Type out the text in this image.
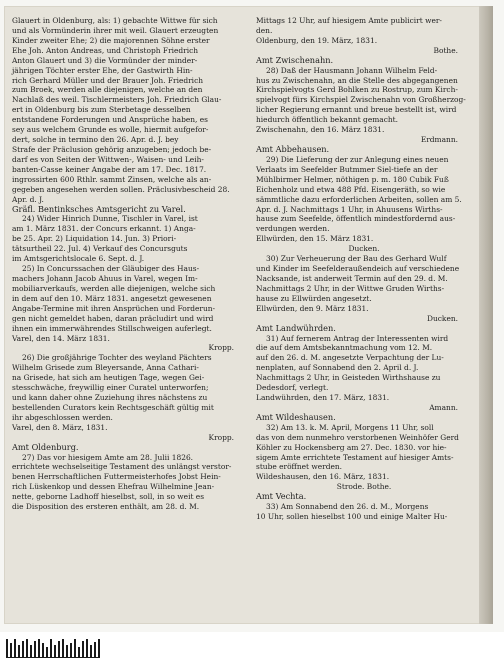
Glauert in Oldenburg, als: 1) gebachte Wittwe für sich

und als Vormünderin ihrer mit weil. Glauert erzeugten

Kinder zweiter Ehe; 2) die majorennen Söhne erster

Ehe Joh. Anton Andreas, und Christoph Friedrich

Anton Glauert und 3) die Vormünder der minder-

jährigen Töchter erster Ehe, der Gastwirth Hin-

rich Gerhard Müller und der Brauer Joh. Friedrich

zum Broek, werden alle diejenigen, welche an den

Nachlaß des weil. Tischlermeisters Joh. Friedrich Glau-

ert in Oldenburg bis zum Sterbetage desselben

entstandene Forderungen und Ansprüche haben, es

sey aus welchem Grunde es wolle, hiermit aufgefor-

dert, solche in termino den 26. Apr. d. J. bey

Strafe der Präclusion gehörig anzugeben; jedoch be-

darf es von Seiten der Wittwen-, Waisen- und Leih-

banten-Casse keiner Angabe der am 17. Dec. 1817.

ingrossirten 600 Rthlr. sammt Zinsen, welche als an-

gegeben angesehen werden sollen. Präclusivbescheid 28.

Apr. d. J.

Gräfl. Bentinksches Amtsgericht zu Varel.

24) Wider Hinrich Dunne, Tischler in Varel, ist

am 1. März 1831. der Concurs erkannt. 1) Anga-

be 25. Apr. 2) Liquidation 14. Jun. 3) Priori-

tätsurtheil 22. Jul. 4) Verkauf des Concursguts

im Amtsgerichtslocale 6. Sept. d. J.

25) In Concurssachen der Gläubiger des Haus-

machers Johann Jacob Ahuus in Varel, wegen Im-

mobiliarverkaufs, werden alle diejenigen, welche sich

in dem auf den 10. März 1831. angesetzt gewesenen

Angabe-Termine mit ihren Ansprüchen und Forderun-

gen nicht gemeldet haben, daran präcludirt und wird

ihnen ein immerwährendes Stillschweigen auferlegt.

Varel, den 14. März 1831.

Kropp.

26) Die großjährige Tochter des weyland Pächters

Wilhelm Grisede zum Bleyersande, Anna Cathari-

na Grisede, hat sich am heutigen Tage, wegen Gei-

stesschwäche, freywillig einer Curatel unterworfen;

und kann daher ohne Zuziehung ihres nächstens zu

bestellenden Curators kein Rechtsgeschäft gültig mit

ihr abgeschlossen werden.

Varel, den 8. März, 1831.

Kropp.

Amt Oldenburg.

27) Das vor hiesigem Amte am 28. Julii 1826.

errichtete wechselseitige Testament des unlängst verstor-

benen Herrschaftlichen Futtermeisterhofes Jobst Hein-

rich Lüskenkop und dessen Ehefrau Wilhelmine Jean-

nette, geborne Ladhoff hieselbst, soll, in so weit es

die Disposition des ersteren enthält, am 28. d. M.

Mittags 12 Uhr, auf hiesigem Amte publicirt wer-

den.

Oldenburg, den 19. März, 1831.

Bothe.

Amt Zwischenahn.

28) Daß der Hausmann Johann Wilhelm Feld-

hus zu Zwischenahn, an die Stelle des abgegangenen

Kirchspielvogts Gerd Bohlken zu Rostrup, zum Kirch-

spielvogt fürs Kirchspiel Zwischenahn von Großherzog-

licher Regierung ernannt und breue bestellt ist, wird

hiedurch öffentlich bekannt gemacht.

Zwischenahn, den 16. März 1831.

Erdmann.

Amt Abbehausen.

29) Die Lieferung der zur Anlegung eines neuen

Verlaats im Seefelder Butmmer Siel-tiefe an der

Mühlbirmer Helmer, nöthigen p. m. 180 Cubik Fuß

Eichenholz und etwa 488 Pfd. Eisengeräth, so wie

sämmtliche dazu erforderlichen Arbeiten, sollen am 5.

Apr. d. J. Nachmittags 1 Uhr, in Ahuusens Wirths-

hause zum Seefelde, öffentlich mindestfordernd aus-

verdungen werden.

Ellwürden, den 15. März 1831.

Ducken.

30) Zur Verheuerung der Bau des Gerhard Wulf

und Kinder im Seefelderaußendeich auf verschiedene

Nacksande, ist anderweit Termin auf den 29. d. M.

Nachmittags 2 Uhr, in der Wittwe Gruden Wirths-

hause zu Ellwürden angesetzt.

Ellwürden, den 9. März 1831.

Ducken.

Amt Landwührden.

31) Auf fernerem Antrag der Interessenten wird

die auf dem Amtsbekanntmachung vom 12. M.

auf den 26. d. M. angesetzte Verpachtung der Lu-

nenplaten, auf Sonnabend den 2. April d. J.

Nachmittags 2 Uhr, in Geisteden Wirthshause zu

Dedesdorf, verlegt.

Landwührden, den 17. März, 1831.

Amann.

Amt Wildeshausen.

32) Am 13. k. M. April, Morgens 11 Uhr, soll

das von dem nunmehro verstorbenen Weinhöfer Gerd

Köhler zu Hockensberg am 27. Dec. 1830. vor hie-

sigem Amte errichtete Testament auf hiesiger Amts-

stube eröffnet werden.

Wildeshausen, den 16. März, 1831.

Strode. Bothe.

Amt Vechta.

33) Am Sonnabend den 26. d. M., Morgens

10 Uhr, sollen hieselbst 100 und einige Malter Hu-
